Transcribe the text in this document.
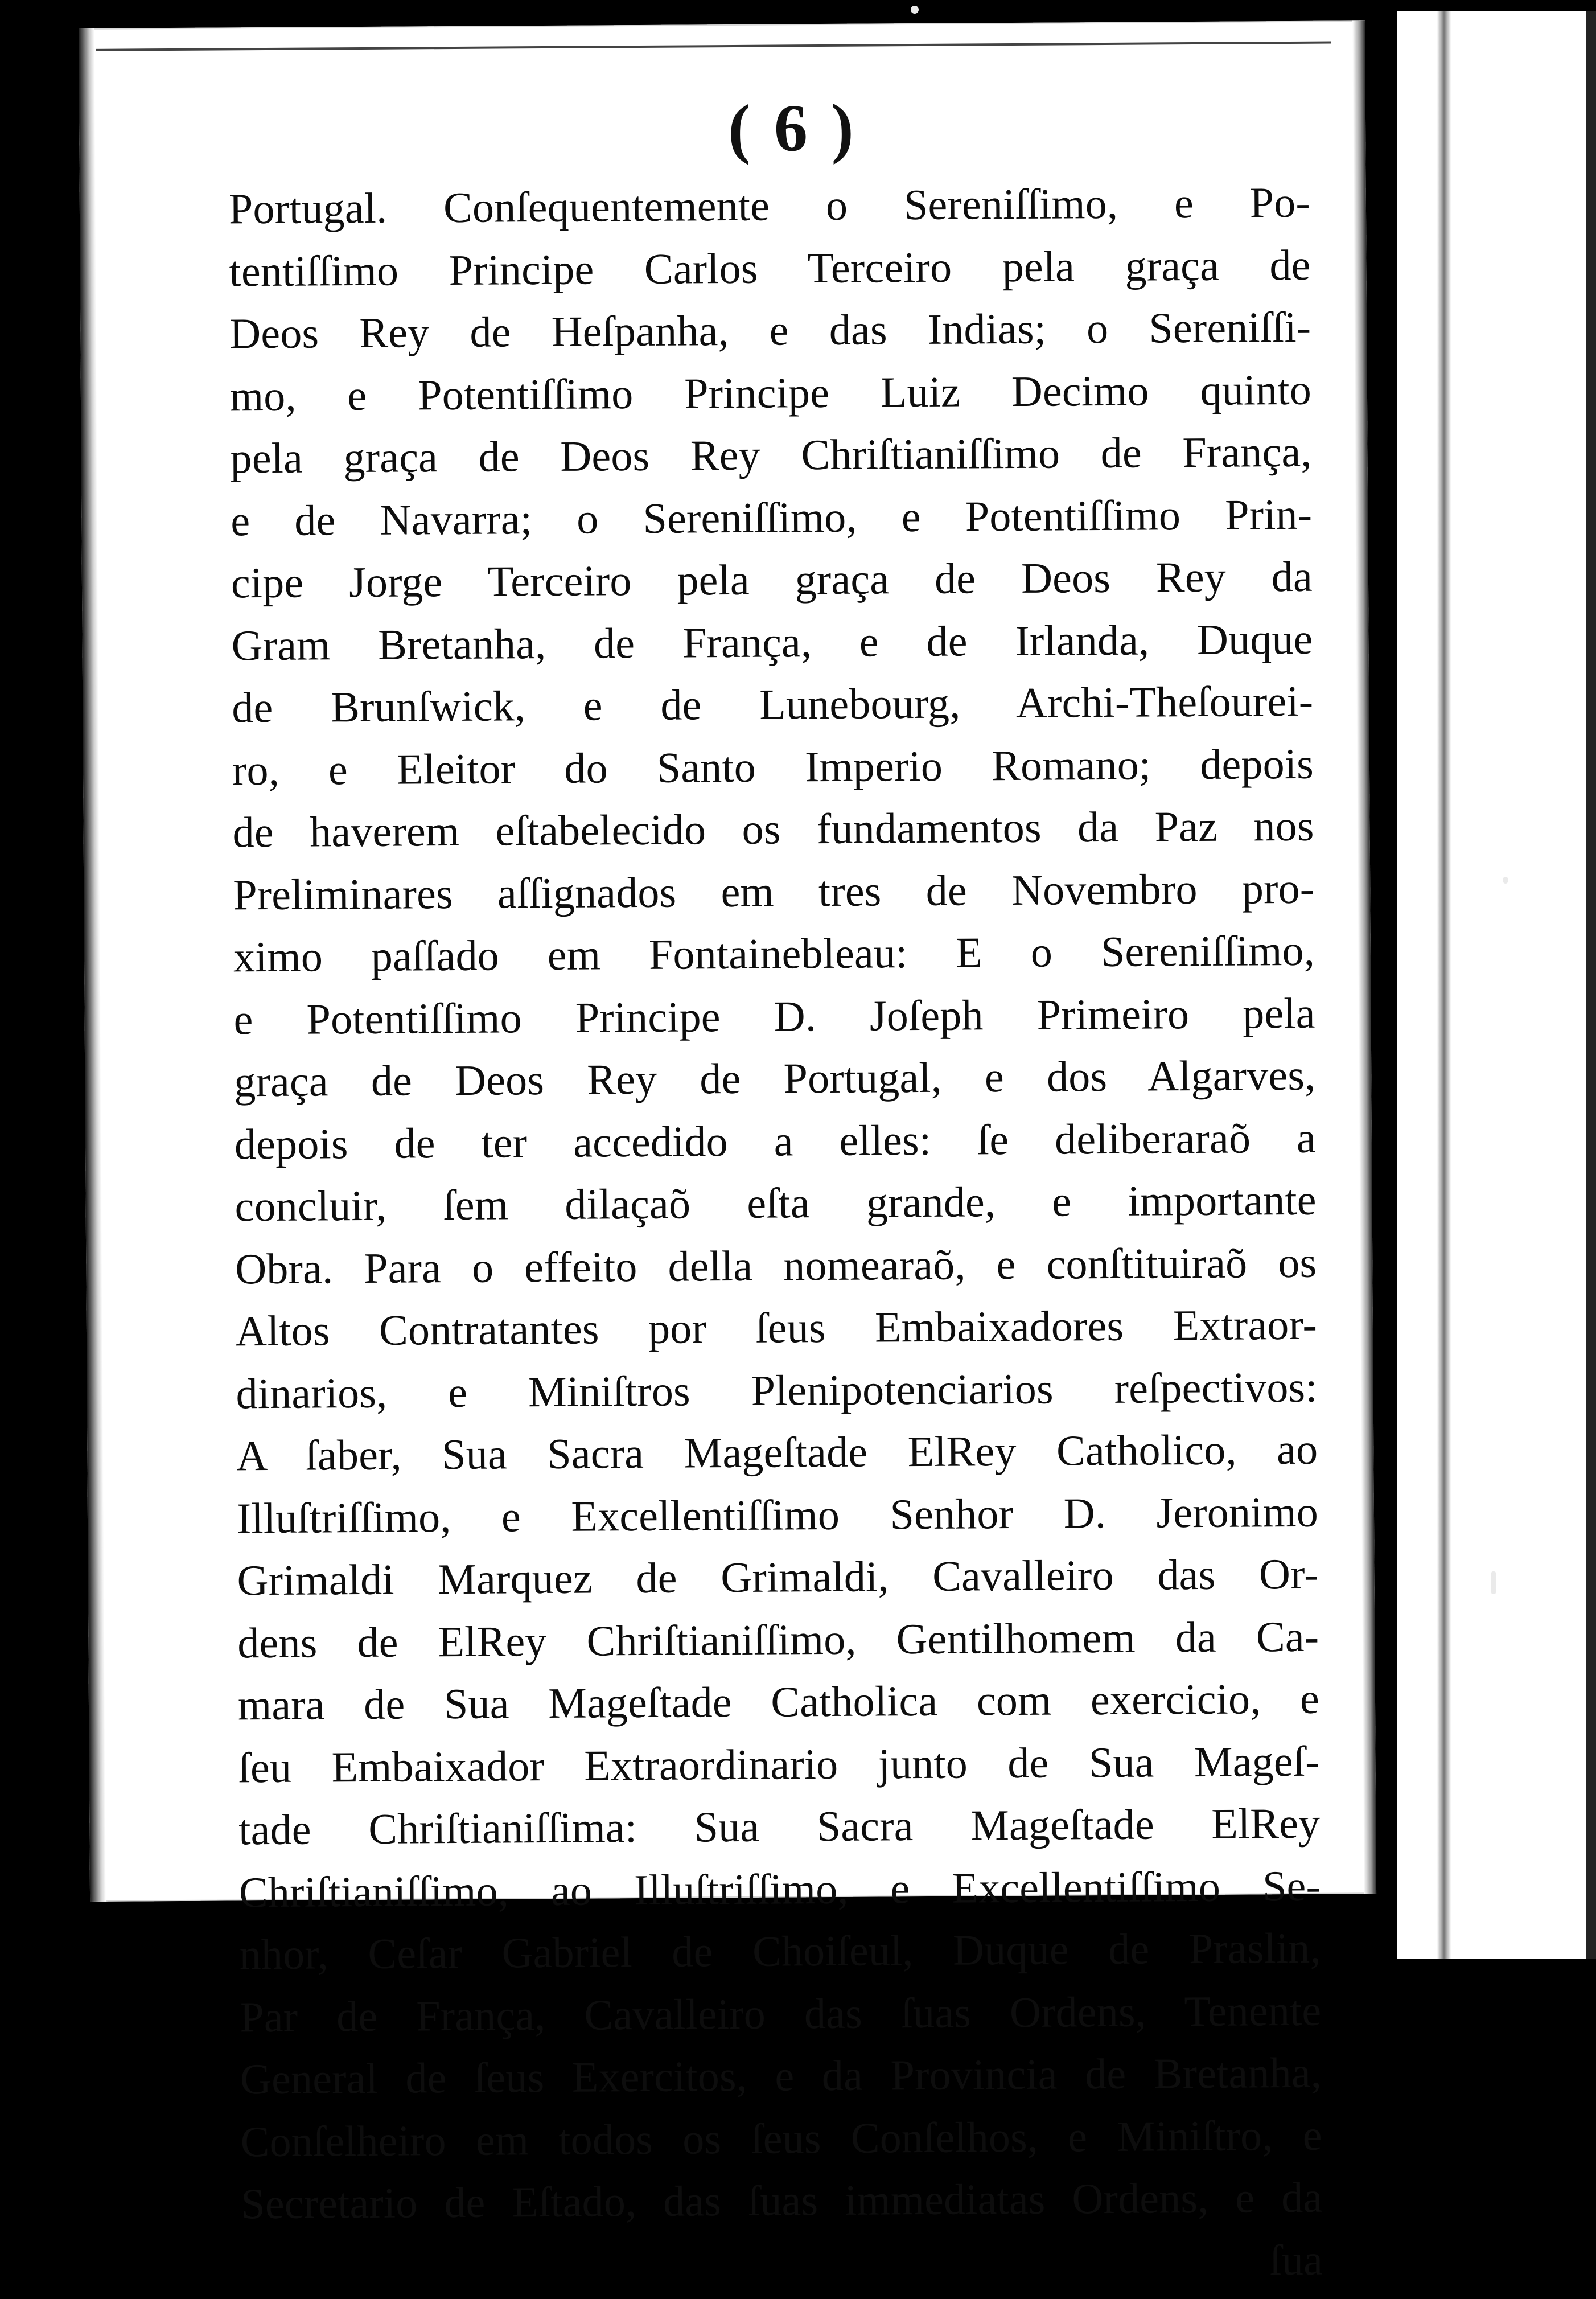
( 6 )
Portugal. Conſequentemente o Sereniſſimo, e Po-
tentiſſimo Principe Carlos Terceiro pela graça de
Deos Rey de Heſpanha, e das Indias; o Sereniſſi-
mo, e Potentiſſimo Principe Luiz Decimo quinto
pela graça de Deos Rey Chriſtianiſſimo de França,
e de Navarra; o Sereniſſimo, e Potentiſſimo Prin-
cipe Jorge Terceiro pela graça de Deos Rey da
Gram Bretanha, de França, e de Irlanda, Duque
de Brunſwick, e de Lunebourg, Archi-Theſourei-
ro, e Eleitor do Santo Imperio Romano; depois
de haverem eſtabelecido os fundamentos da Paz nos
Preliminares aſſignados em tres de Novembro pro-
ximo paſſado em Fontainebleau: E o Sereniſſimo,
e Potentiſſimo Principe D. Joſeph Primeiro pela
graça de Deos Rey de Portugal, e dos Algarves,
depois de ter accedido a elles: ſe deliberaraõ a
concluir, ſem dilaçaõ eſta grande, e importante
Obra. Para o effeito della nomearaõ, e conſtituiraõ os
Altos Contratantes por ſeus Embaixadores Extraor-
dinarios, e Miniſtros Plenipotenciarios reſpectivos:
A ſaber, Sua Sacra Mageſtade ElRey Catholico, ao
Illuſtriſſimo, e Excellentiſſimo Senhor D. Jeronimo
Grimaldi Marquez de Grimaldi, Cavalleiro das Or-
dens de ElRey Chriſtianiſſimo, Gentilhomem da Ca-
mara de Sua Mageſtade Catholica com exercicio, e
ſeu Embaixador Extraordinario junto de Sua Mageſ-
tade Chriſtianiſſima: Sua Sacra Mageſtade ElRey
Chriſtianiſſimo, ao Illuſtriſſimo, e Excellentiſſimo Se-
nhor, Ceſar Gabriel de Choiſeul, Duque de Praslin,
Par de França, Cavalleiro das ſuas Ordens, Tenente
General de ſeus Exercitos, e da Provincia de Bretanha,
Conſelheiro em todos os ſeus Conſelhos, e Miniſtro, e
Secretario de Eſtado, das ſuas immediatas Ordens, e da
ſua
